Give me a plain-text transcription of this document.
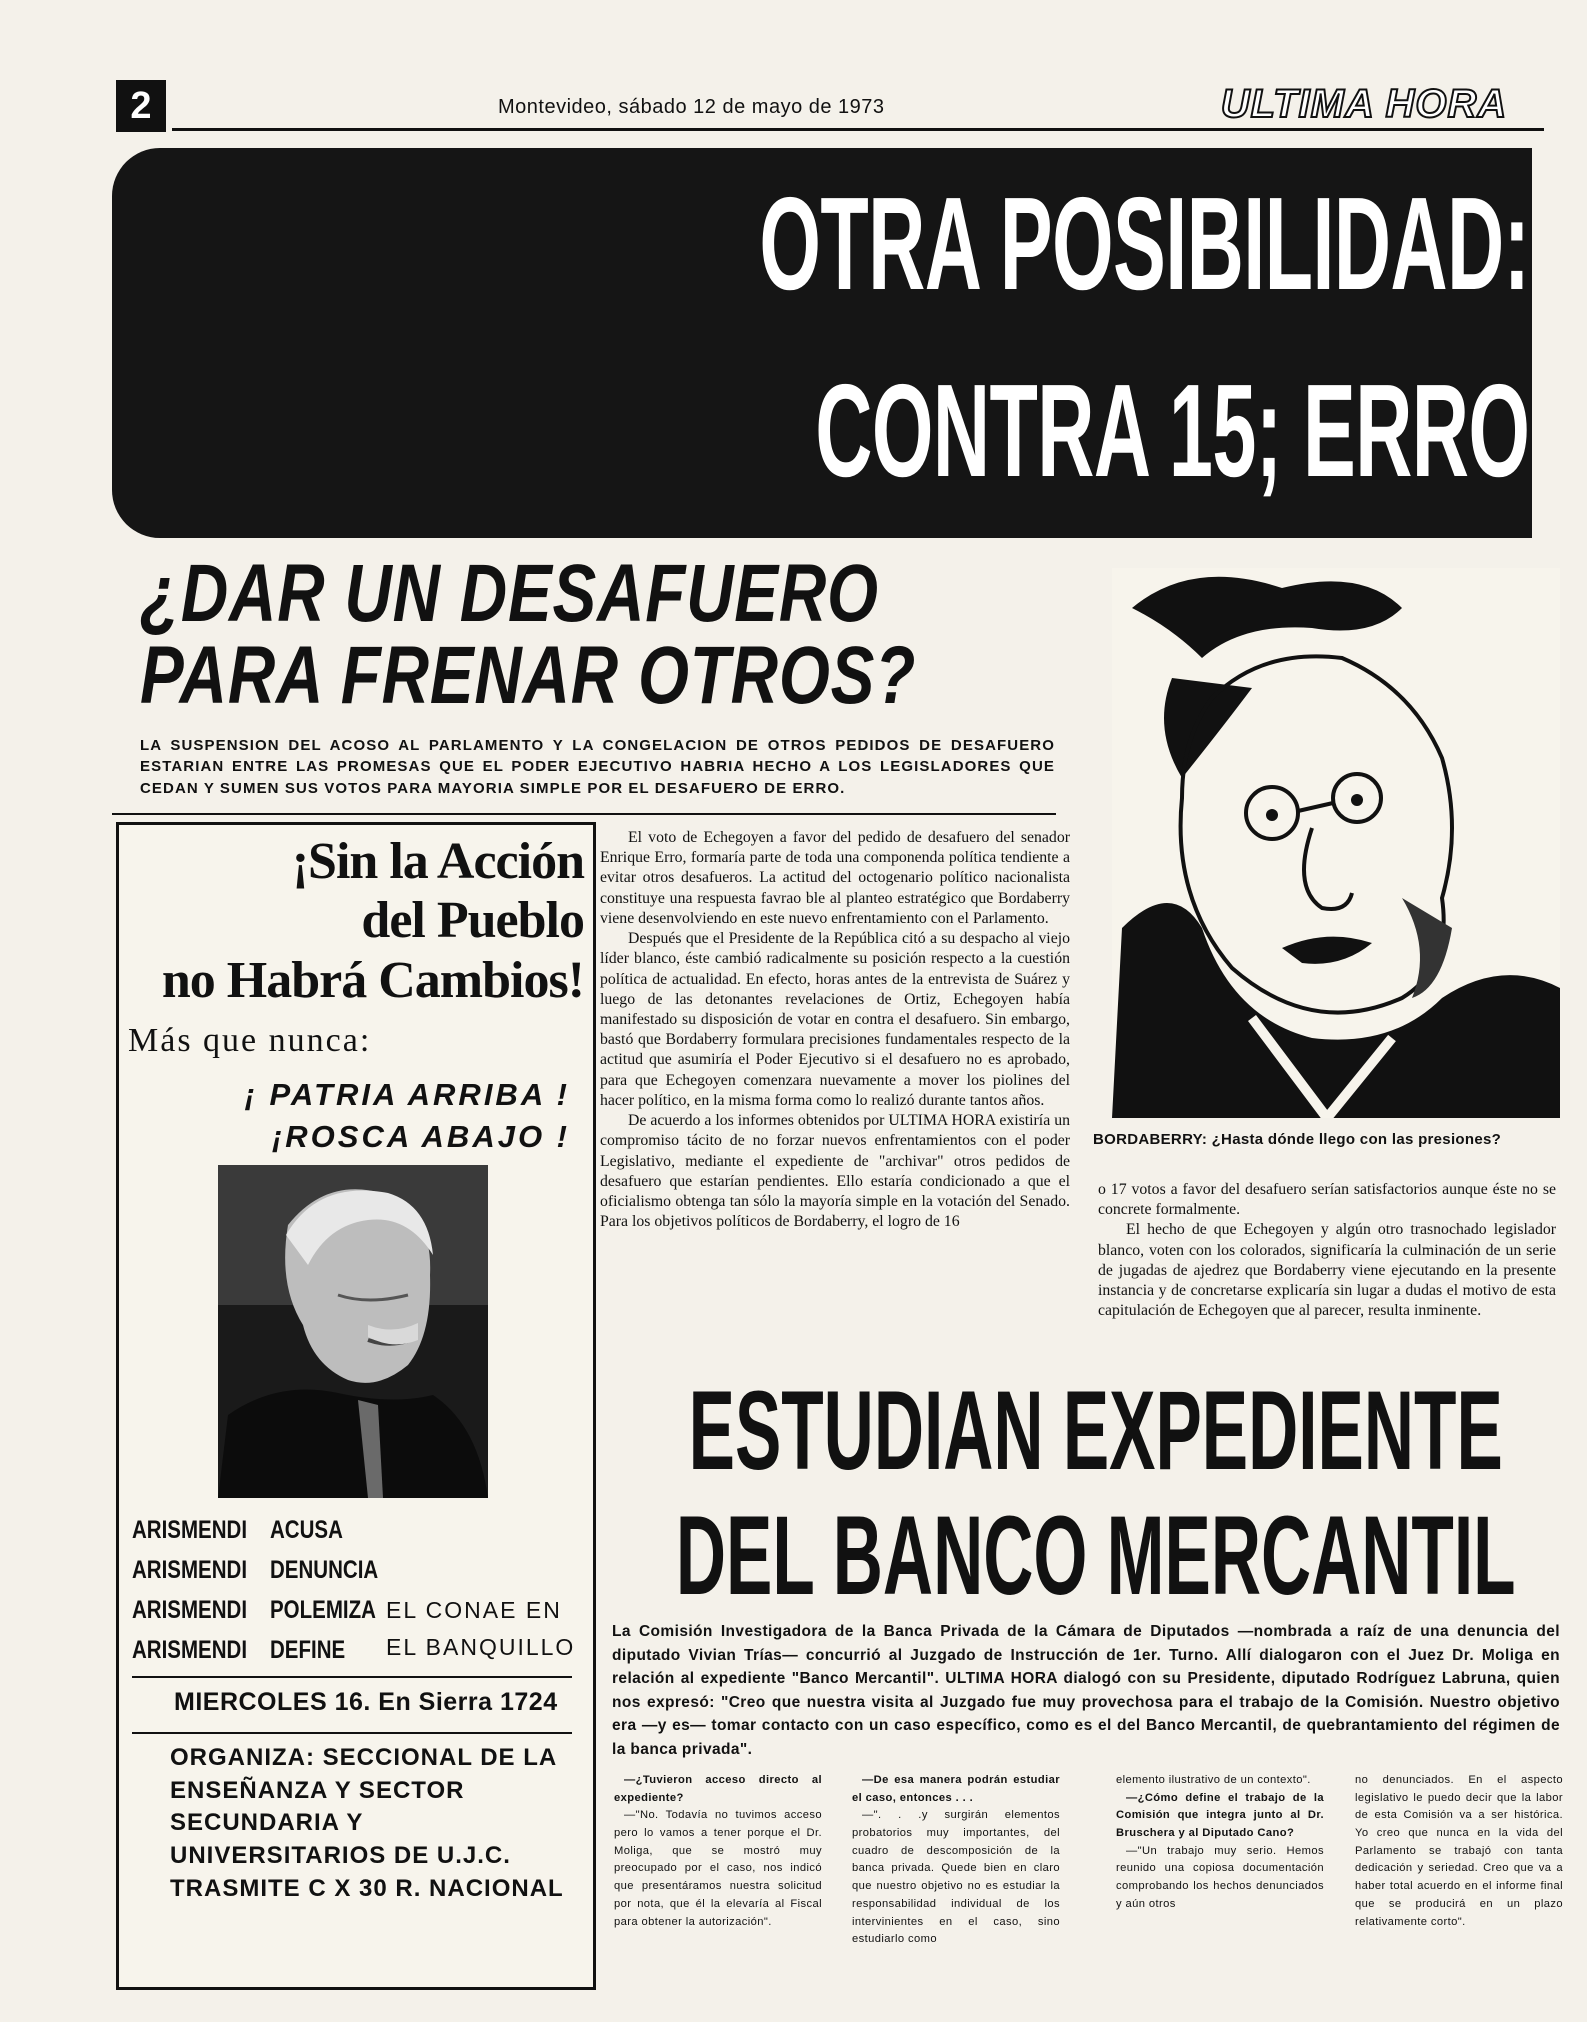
2	Montevideo, sábado 12 de mayo de 1973	ULTIMA HORA
OTRA POSIBILIDAD:
CONTRA 15; ERRO
¿DAR UN DESAFUERO
PARA FRENAR OTROS?
LA SUSPENSION DEL ACOSO AL PARLAMENTO Y LA CONGELACION DE OTROS PEDIDOS DE DESAFUERO ESTARIAN ENTRE LAS PROMESAS QUE EL PODER EJECUTIVO HABRIA HECHO A LOS LEGISLADORES QUE CEDAN Y SUMEN SUS VOTOS PARA MAYORIA SIMPLE POR EL DESAFUERO DE ERRO.
¡Sin la Acción
del Pueblo
no Habrá Cambios!
Más que nunca:
¡ PATRIA ARRIBA !
¡ROSCA ABAJO !
ARISMENDI ACUSA
ARISMENDI DENUNCIA
ARISMENDI POLEMIZA
ARISMENDI DEFINE
EL CONAE EN
EL BANQUILLO
MIERCOLES 16. En Sierra 1724
ORGANIZA: SECCIONAL DE LA
ENSEÑANZA Y SECTOR
SECUNDARIA Y
UNIVERSITARIOS DE U.J.C.
TRASMITE C X 30 R. NACIONAL

El voto de Echegoyen a favor del pedido de desafuero del senador Enrique Erro, formaría parte de toda una componenda política tendiente a evitar otros desafueros. La actitud del octogenario político nacionalista constituye una respuesta favrao ble al planteo estratégico que Bordaberry viene desenvolviendo en este nuevo enfrentamiento con el Parlamento.

Después que el Presidente de la República citó a su despacho al viejo líder blanco, éste cambió radicalmente su posición respecto a la cuestión política de actualidad. En efecto, horas antes de la entrevista de Suárez y luego de las detonantes revelaciones de Ortiz, Echegoyen había manifestado su disposición de votar en contra el desafuero. Sin embargo, bastó que Bordaberry formulara precisiones fundamentales respecto de la actitud que asumiría el Poder Ejecutivo si el desafuero no es aprobado, para que Echegoyen comenzara nuevamente a mover los piolines del hacer político, en la misma forma como lo realizó durante tantos años.

De acuerdo a los informes obtenidos por ULTIMA HORA existiría un compromiso tácito de no forzar nuevos enfrentamientos con el poder Legislativo, mediante el expediente de "archivar" otros pedidos de desafuero que estarían pendientes. Ello estaría condicionado a que el oficialismo obtenga tan sólo la mayoría simple en la votación del Senado. Para los objetivos políticos de Bordaberry, el logro de 16

BORDABERRY: ¿Hasta dónde llego con las presiones?

o 17 votos a favor del desafuero serían satisfactorios aunque éste no se concrete formalmente.

El hecho de que Echegoyen y algún otro trasnochado legislador blanco, voten con los colorados, significaría la culminación de un serie de jugadas de ajedrez que Bordaberry viene ejecutando en la presente instancia y de concretarse explicaría sin lugar a dudas el motivo de esta capitulación de Echegoyen que al parecer, resulta inminente.

ESTUDIAN EXPEDIENTE
DEL BANCO MERCANTIL
La Comisión Investigadora de la Banca Privada de la Cámara de Diputados —nombrada a raíz de una denuncia del diputado Vivian Trías— concurrió al Juzgado de Instrucción de 1er. Turno. Allí dialogaron con el Juez Dr. Moliga en relación al expediente "Banco Mercantil". ULTIMA HORA dialogó con su Presidente, diputado Rodríguez Labruna, quien nos expresó: "Creo que nuestra visita al Juzgado fue muy provechosa para el trabajo de la Comisión. Nuestro objetivo era —y es— tomar contacto con un caso específico, como es el del Banco Mercantil, de quebrantamiento del régimen de la banca privada".

—¿Tuvieron acceso directo al expediente?

—"No. Todavía no tuvimos acceso pero lo vamos a tener porque el Dr. Moliga, que se mostró muy preocupado por el caso, nos indicó que presentáramos nuestra solicitud por nota, que él la elevaría al Fiscal para obtener la autorización".

—De esa manera podrán estudiar el caso, entonces . . .

—". . .y surgirán elementos probatorios muy importantes, del cuadro de descomposición de la banca privada. Quede bien en claro que nuestro objetivo no es estudiar la responsabilidad individual de los intervinientes en el caso, sino estudiarlo como

elemento ilustrativo de un contexto".

—¿Cómo define el trabajo de la Comisión que integra junto al Dr. Bruschera y al Diputado Cano?

—"Un trabajo muy serio. Hemos reunido una copiosa documentación comprobando los hechos denunciados y aún otros

no denunciados. En el aspecto legislativo le puedo decir que la labor de esta Comisión va a ser histórica. Yo creo que nunca en la vida del Parlamento se trabajó con tanta dedicación y seriedad. Creo que va a haber total acuerdo en el informe final que se producirá en un plazo relativamente corto".
